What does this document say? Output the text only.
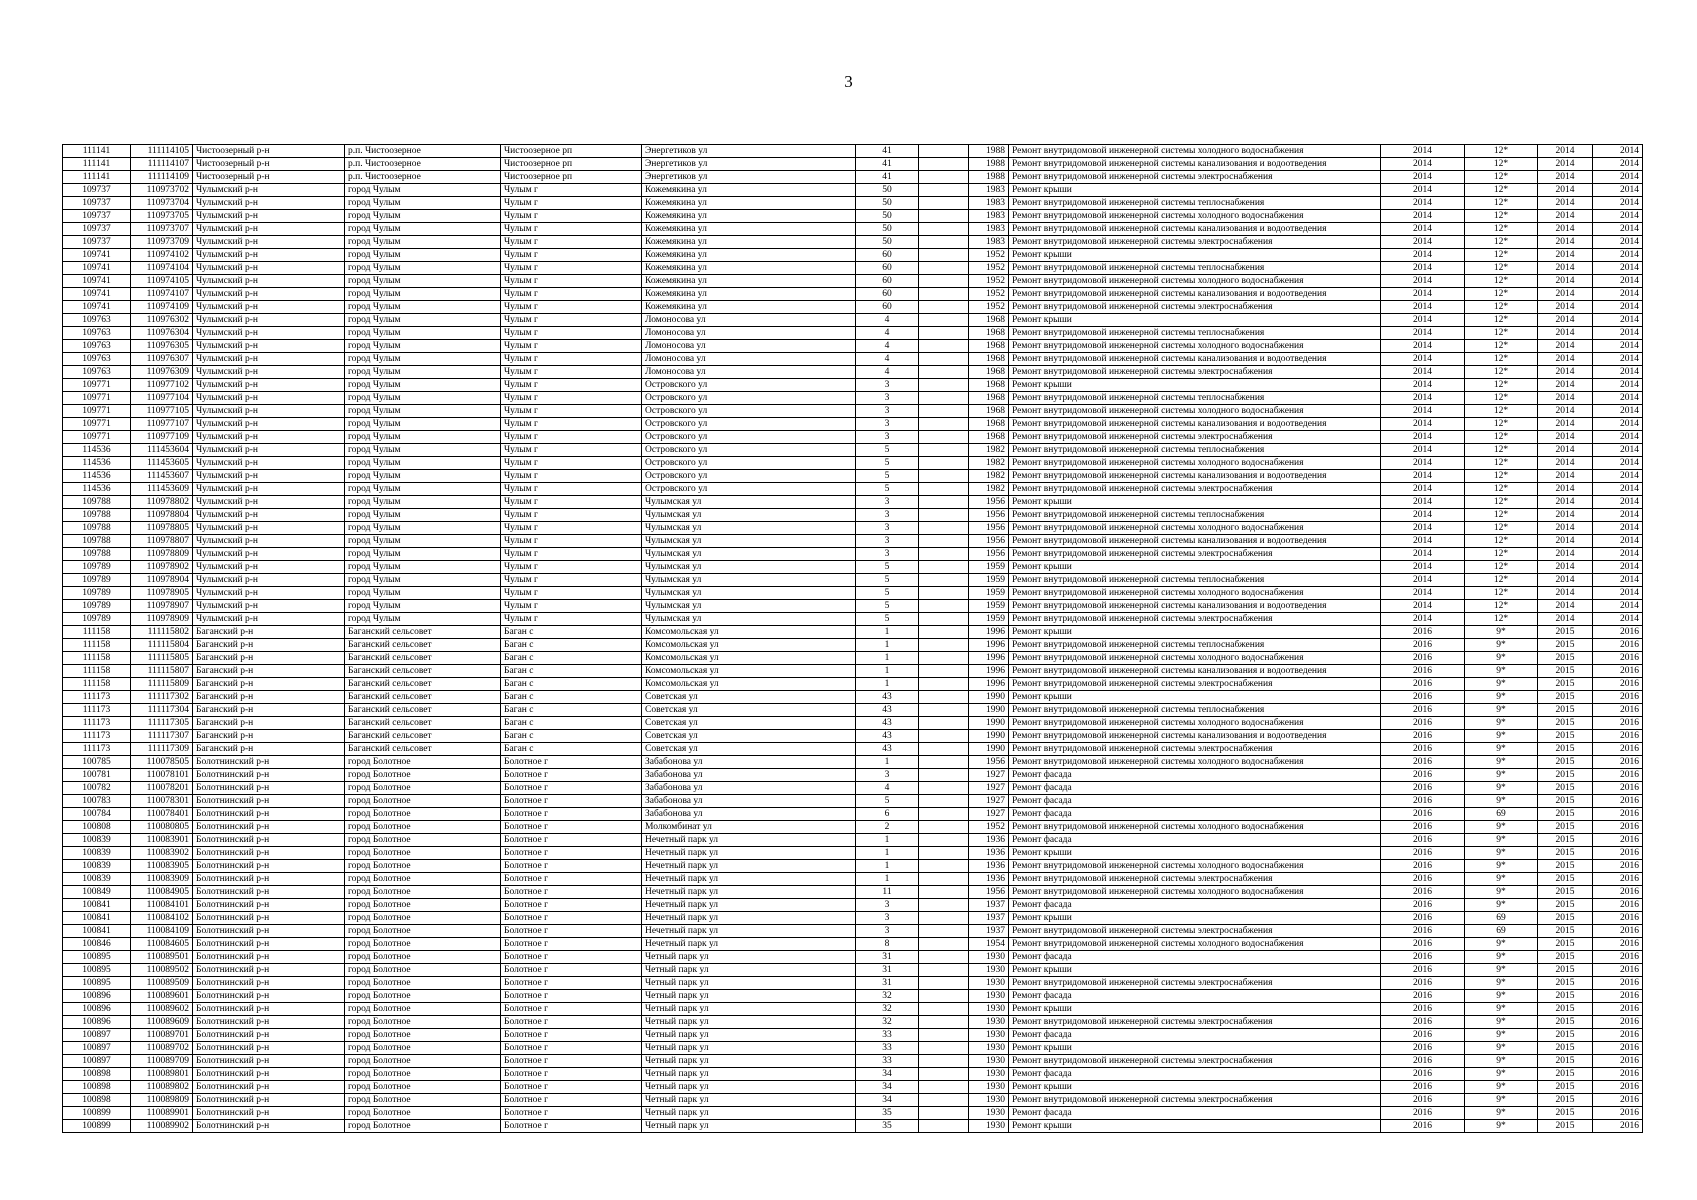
3
111141	111114105	Чистоозерный р-н	р.п. Чистоозерное	Чистоозерное рп	Энергетиков ул	41		1988	Ремонт внутридомовой инженерной системы холодного водоснабжения	2014	12*	2014	2014
111141	111114107	Чистоозерный р-н	р.п. Чистоозерное	Чистоозерное рп	Энергетиков ул	41		1988	Ремонт внутридомовой инженерной системы канализования и водоотведения	2014	12*	2014	2014
111141	111114109	Чистоозерный р-н	р.п. Чистоозерное	Чистоозерное рп	Энергетиков ул	41		1988	Ремонт внутридомовой инженерной системы электроснабжения	2014	12*	2014	2014
109737	110973702	Чулымский р-н	город Чулым	Чулым г	Кожемякина ул	50		1983	Ремонт крыши	2014	12*	2014	2014
109737	110973704	Чулымский р-н	город Чулым	Чулым г	Кожемякина ул	50		1983	Ремонт внутридомовой инженерной системы теплоснабжения	2014	12*	2014	2014
109737	110973705	Чулымский р-н	город Чулым	Чулым г	Кожемякина ул	50		1983	Ремонт внутридомовой инженерной системы холодного водоснабжения	2014	12*	2014	2014
109737	110973707	Чулымский р-н	город Чулым	Чулым г	Кожемякина ул	50		1983	Ремонт внутридомовой инженерной системы канализования и водоотведения	2014	12*	2014	2014
109737	110973709	Чулымский р-н	город Чулым	Чулым г	Кожемякина ул	50		1983	Ремонт внутридомовой инженерной системы электроснабжения	2014	12*	2014	2014
109741	110974102	Чулымский р-н	город Чулым	Чулым г	Кожемякина ул	60		1952	Ремонт крыши	2014	12*	2014	2014
109741	110974104	Чулымский р-н	город Чулым	Чулым г	Кожемякина ул	60		1952	Ремонт внутридомовой инженерной системы теплоснабжения	2014	12*	2014	2014
109741	110974105	Чулымский р-н	город Чулым	Чулым г	Кожемякина ул	60		1952	Ремонт внутридомовой инженерной системы холодного водоснабжения	2014	12*	2014	2014
109741	110974107	Чулымский р-н	город Чулым	Чулым г	Кожемякина ул	60		1952	Ремонт внутридомовой инженерной системы канализования и водоотведения	2014	12*	2014	2014
109741	110974109	Чулымский р-н	город Чулым	Чулым г	Кожемякина ул	60		1952	Ремонт внутридомовой инженерной системы электроснабжения	2014	12*	2014	2014
109763	110976302	Чулымский р-н	город Чулым	Чулым г	Ломоносова ул	4		1968	Ремонт крыши	2014	12*	2014	2014
109763	110976304	Чулымский р-н	город Чулым	Чулым г	Ломоносова ул	4		1968	Ремонт внутридомовой инженерной системы теплоснабжения	2014	12*	2014	2014
109763	110976305	Чулымский р-н	город Чулым	Чулым г	Ломоносова ул	4		1968	Ремонт внутридомовой инженерной системы холодного водоснабжения	2014	12*	2014	2014
109763	110976307	Чулымский р-н	город Чулым	Чулым г	Ломоносова ул	4		1968	Ремонт внутридомовой инженерной системы канализования и водоотведения	2014	12*	2014	2014
109763	110976309	Чулымский р-н	город Чулым	Чулым г	Ломоносова ул	4		1968	Ремонт внутридомовой инженерной системы электроснабжения	2014	12*	2014	2014
109771	110977102	Чулымский р-н	город Чулым	Чулым г	Островского ул	3		1968	Ремонт крыши	2014	12*	2014	2014
109771	110977104	Чулымский р-н	город Чулым	Чулым г	Островского ул	3		1968	Ремонт внутридомовой инженерной системы теплоснабжения	2014	12*	2014	2014
109771	110977105	Чулымский р-н	город Чулым	Чулым г	Островского ул	3		1968	Ремонт внутридомовой инженерной системы холодного водоснабжения	2014	12*	2014	2014
109771	110977107	Чулымский р-н	город Чулым	Чулым г	Островского ул	3		1968	Ремонт внутридомовой инженерной системы канализования и водоотведения	2014	12*	2014	2014
109771	110977109	Чулымский р-н	город Чулым	Чулым г	Островского ул	3		1968	Ремонт внутридомовой инженерной системы электроснабжения	2014	12*	2014	2014
114536	111453604	Чулымский р-н	город Чулым	Чулым г	Островского ул	5		1982	Ремонт внутридомовой инженерной системы теплоснабжения	2014	12*	2014	2014
114536	111453605	Чулымский р-н	город Чулым	Чулым г	Островского ул	5		1982	Ремонт внутридомовой инженерной системы холодного водоснабжения	2014	12*	2014	2014
114536	111453607	Чулымский р-н	город Чулым	Чулым г	Островского ул	5		1982	Ремонт внутридомовой инженерной системы канализования и водоотведения	2014	12*	2014	2014
114536	111453609	Чулымский р-н	город Чулым	Чулым г	Островского ул	5		1982	Ремонт внутридомовой инженерной системы электроснабжения	2014	12*	2014	2014
109788	110978802	Чулымский р-н	город Чулым	Чулым г	Чулымская ул	3		1956	Ремонт крыши	2014	12*	2014	2014
109788	110978804	Чулымский р-н	город Чулым	Чулым г	Чулымская ул	3		1956	Ремонт внутридомовой инженерной системы теплоснабжения	2014	12*	2014	2014
109788	110978805	Чулымский р-н	город Чулым	Чулым г	Чулымская ул	3		1956	Ремонт внутридомовой инженерной системы холодного водоснабжения	2014	12*	2014	2014
109788	110978807	Чулымский р-н	город Чулым	Чулым г	Чулымская ул	3		1956	Ремонт внутридомовой инженерной системы канализования и водоотведения	2014	12*	2014	2014
109788	110978809	Чулымский р-н	город Чулым	Чулым г	Чулымская ул	3		1956	Ремонт внутридомовой инженерной системы электроснабжения	2014	12*	2014	2014
109789	110978902	Чулымский р-н	город Чулым	Чулым г	Чулымская ул	5		1959	Ремонт крыши	2014	12*	2014	2014
109789	110978904	Чулымский р-н	город Чулым	Чулым г	Чулымская ул	5		1959	Ремонт внутридомовой инженерной системы теплоснабжения	2014	12*	2014	2014
109789	110978905	Чулымский р-н	город Чулым	Чулым г	Чулымская ул	5		1959	Ремонт внутридомовой инженерной системы холодного водоснабжения	2014	12*	2014	2014
109789	110978907	Чулымский р-н	город Чулым	Чулым г	Чулымская ул	5		1959	Ремонт внутридомовой инженерной системы канализования и водоотведения	2014	12*	2014	2014
109789	110978909	Чулымский р-н	город Чулым	Чулым г	Чулымская ул	5		1959	Ремонт внутридомовой инженерной системы электроснабжения	2014	12*	2014	2014
111158	111115802	Баганский р-н	Баганский сельсовет	Баган с	Комсомольская ул	1		1996	Ремонт крыши	2016	9*	2015	2016
111158	111115804	Баганский р-н	Баганский сельсовет	Баган с	Комсомольская ул	1		1996	Ремонт внутридомовой инженерной системы теплоснабжения	2016	9*	2015	2016
111158	111115805	Баганский р-н	Баганский сельсовет	Баган с	Комсомольская ул	1		1996	Ремонт внутридомовой инженерной системы холодного водоснабжения	2016	9*	2015	2016
111158	111115807	Баганский р-н	Баганский сельсовет	Баган с	Комсомольская ул	1		1996	Ремонт внутридомовой инженерной системы канализования и водоотведения	2016	9*	2015	2016
111158	111115809	Баганский р-н	Баганский сельсовет	Баган с	Комсомольская ул	1		1996	Ремонт внутридомовой инженерной системы электроснабжения	2016	9*	2015	2016
111173	111117302	Баганский р-н	Баганский сельсовет	Баган с	Советская ул	43		1990	Ремонт крыши	2016	9*	2015	2016
111173	111117304	Баганский р-н	Баганский сельсовет	Баган с	Советская ул	43		1990	Ремонт внутридомовой инженерной системы теплоснабжения	2016	9*	2015	2016
111173	111117305	Баганский р-н	Баганский сельсовет	Баган с	Советская ул	43		1990	Ремонт внутридомовой инженерной системы холодного водоснабжения	2016	9*	2015	2016
111173	111117307	Баганский р-н	Баганский сельсовет	Баган с	Советская ул	43		1990	Ремонт внутридомовой инженерной системы канализования и водоотведения	2016	9*	2015	2016
111173	111117309	Баганский р-н	Баганский сельсовет	Баган с	Советская ул	43		1990	Ремонт внутридомовой инженерной системы электроснабжения	2016	9*	2015	2016
100785	110078505	Болотнинский р-н	город Болотное	Болотное г	Забабонова ул	1		1956	Ремонт внутридомовой инженерной системы холодного водоснабжения	2016	9*	2015	2016
100781	110078101	Болотнинский р-н	город Болотное	Болотное г	Забабонова ул	3		1927	Ремонт фасада	2016	9*	2015	2016
100782	110078201	Болотнинский р-н	город Болотное	Болотное г	Забабонова ул	4		1927	Ремонт фасада	2016	9*	2015	2016
100783	110078301	Болотнинский р-н	город Болотное	Болотное г	Забабонова ул	5		1927	Ремонт фасада	2016	9*	2015	2016
100784	110078401	Болотнинский р-н	город Болотное	Болотное г	Забабонова ул	6		1927	Ремонт фасада	2016	69	2015	2016
100808	110080805	Болотнинский р-н	город Болотное	Болотное г	Молкомбинат ул	2		1952	Ремонт внутридомовой инженерной системы холодного водоснабжения	2016	9*	2015	2016
100839	110083901	Болотнинский р-н	город Болотное	Болотное г	Нечетный парк ул	1		1936	Ремонт фасада	2016	9*	2015	2016
100839	110083902	Болотнинский р-н	город Болотное	Болотное г	Нечетный парк ул	1		1936	Ремонт крыши	2016	9*	2015	2016
100839	110083905	Болотнинский р-н	город Болотное	Болотное г	Нечетный парк ул	1		1936	Ремонт внутридомовой инженерной системы холодного водоснабжения	2016	9*	2015	2016
100839	110083909	Болотнинский р-н	город Болотное	Болотное г	Нечетный парк ул	1		1936	Ремонт внутридомовой инженерной системы электроснабжения	2016	9*	2015	2016
100849	110084905	Болотнинский р-н	город Болотное	Болотное г	Нечетный парк ул	11		1956	Ремонт внутридомовой инженерной системы холодного водоснабжения	2016	9*	2015	2016
100841	110084101	Болотнинский р-н	город Болотное	Болотное г	Нечетный парк ул	3		1937	Ремонт фасада	2016	9*	2015	2016
100841	110084102	Болотнинский р-н	город Болотное	Болотное г	Нечетный парк ул	3		1937	Ремонт крыши	2016	69	2015	2016
100841	110084109	Болотнинский р-н	город Болотное	Болотное г	Нечетный парк ул	3		1937	Ремонт внутридомовой инженерной системы электроснабжения	2016	69	2015	2016
100846	110084605	Болотнинский р-н	город Болотное	Болотное г	Нечетный парк ул	8		1954	Ремонт внутридомовой инженерной системы холодного водоснабжения	2016	9*	2015	2016
100895	110089501	Болотнинский р-н	город Болотное	Болотное г	Четный парк ул	31		1930	Ремонт фасада	2016	9*	2015	2016
100895	110089502	Болотнинский р-н	город Болотное	Болотное г	Четный парк ул	31		1930	Ремонт крыши	2016	9*	2015	2016
100895	110089509	Болотнинский р-н	город Болотное	Болотное г	Четный парк ул	31		1930	Ремонт внутридомовой инженерной системы электроснабжения	2016	9*	2015	2016
100896	110089601	Болотнинский р-н	город Болотное	Болотное г	Четный парк ул	32		1930	Ремонт фасада	2016	9*	2015	2016
100896	110089602	Болотнинский р-н	город Болотное	Болотное г	Четный парк ул	32		1930	Ремонт крыши	2016	9*	2015	2016
100896	110089609	Болотнинский р-н	город Болотное	Болотное г	Четный парк ул	32		1930	Ремонт внутридомовой инженерной системы электроснабжения	2016	9*	2015	2016
100897	110089701	Болотнинский р-н	город Болотное	Болотное г	Четный парк ул	33		1930	Ремонт фасада	2016	9*	2015	2016
100897	110089702	Болотнинский р-н	город Болотное	Болотное г	Четный парк ул	33		1930	Ремонт крыши	2016	9*	2015	2016
100897	110089709	Болотнинский р-н	город Болотное	Болотное г	Четный парк ул	33		1930	Ремонт внутридомовой инженерной системы электроснабжения	2016	9*	2015	2016
100898	110089801	Болотнинский р-н	город Болотное	Болотное г	Четный парк ул	34		1930	Ремонт фасада	2016	9*	2015	2016
100898	110089802	Болотнинский р-н	город Болотное	Болотное г	Четный парк ул	34		1930	Ремонт крыши	2016	9*	2015	2016
100898	110089809	Болотнинский р-н	город Болотное	Болотное г	Четный парк ул	34		1930	Ремонт внутридомовой инженерной системы электроснабжения	2016	9*	2015	2016
100899	110089901	Болотнинский р-н	город Болотное	Болотное г	Четный парк ул	35		1930	Ремонт фасада	2016	9*	2015	2016
100899	110089902	Болотнинский р-н	город Болотное	Болотное г	Четный парк ул	35		1930	Ремонт крыши	2016	9*	2015	2016
